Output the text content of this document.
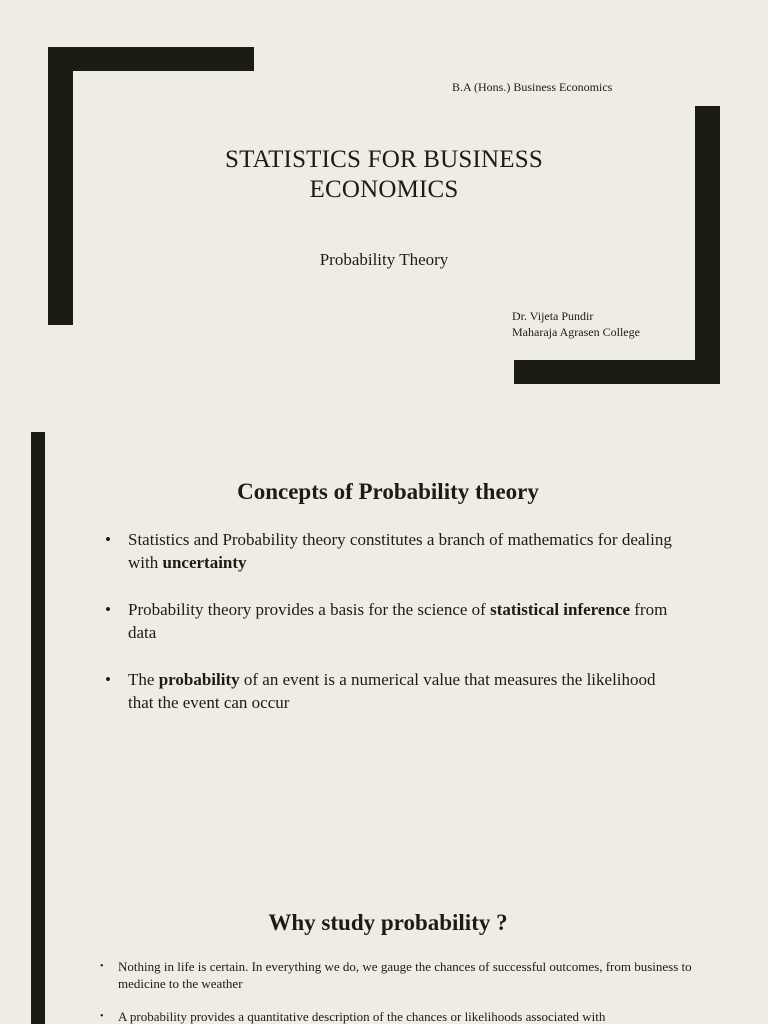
B.A (Hons.) Business Economics
STATISTICS FOR BUSINESS
ECONOMICS
Probability Theory
Dr. Vijeta Pundir
Maharaja Agrasen College
Concepts of Probability theory
• Statistics and Probability theory constitutes a branch of mathematics for dealing with uncertainty
• Probability theory provides a basis for the science of statistical inference from data
• The probability of an event is a numerical value that measures the likelihood that the event can occur
Why study probability ?
• Nothing in life is certain. In everything we do, we gauge the chances of successful outcomes, from business to medicine to the weather
• A probability provides a quantitative description of the chances or likelihoods associated with
